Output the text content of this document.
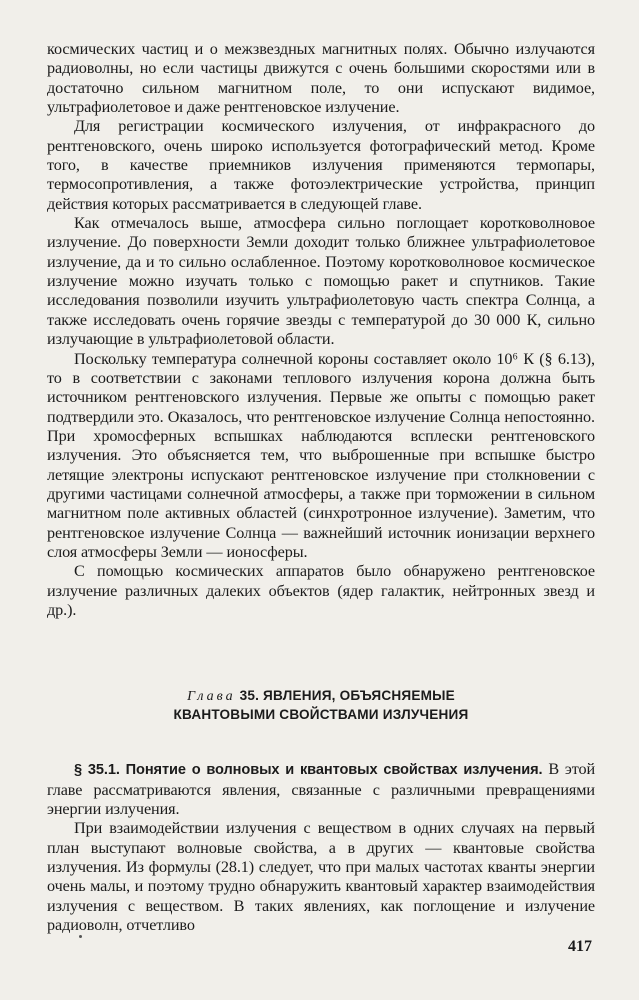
космических частиц и о межзвездных магнитных полях. Обычно излучаются радиоволны, но если частицы движутся с очень большими скоростями или в достаточно сильном магнитном поле, то они испускают видимое, ультрафиолетовое и даже рентгеновское излучение.

Для регистрации космического излучения, от инфракрасного до рентгеновского, очень широко используется фотографический метод. Кроме того, в качестве приемников излучения применяются термопары, термосопротивления, а также фотоэлектрические устройства, принцип действия которых рассматривается в следующей главе.

Как отмечалось выше, атмосфера сильно поглощает коротковолновое излучение. До поверхности Земли доходит только ближнее ультрафиолетовое излучение, да и то сильно ослабленное. Поэтому коротковолновое космическое излучение можно изучать только с помощью ракет и спутников. Такие исследования позволили изучить ультрафиолетовую часть спектра Солнца, а также исследовать очень горячие звезды с температурой до 30 000 К, сильно излучающие в ультрафиолетовой области.

Поскольку температура солнечной короны составляет около 10⁶ К (§ 6.13), то в соответствии с законами теплового излучения корона должна быть источником рентгеновского излучения. Первые же опыты с помощью ракет подтвердили это. Оказалось, что рентгеновское излучение Солнца непостоянно. При хромосферных вспышках наблюдаются всплески рентгеновского излучения. Это объясняется тем, что выброшенные при вспышке быстро летящие электроны испускают рентгеновское излучение при столкновении с другими частицами солнечной атмосферы, а также при торможении в сильном магнитном поле активных областей (синхротронное излучение). Заметим, что рентгеновское излучение Солнца — важнейший источник ионизации верхнего слоя атмосферы Земли — ионосферы.

С помощью космических аппаратов было обнаружено рентгеновское излучение различных далеких объектов (ядер галактик, нейтронных звезд и др.).

Глава 35. ЯВЛЕНИЯ, ОБЪЯСНЯЕМЫЕ
КВАНТОВЫМИ СВОЙСТВАМИ ИЗЛУЧЕНИЯ

§ 35.1. Понятие о волновых и квантовых свойствах излучения. В этой главе рассматриваются явления, связанные с различными превращениями энергии излучения.

При взаимодействии излучения с веществом в одних случаях на первый план выступают волновые свойства, а в других — квантовые свойства излучения. Из формулы (28.1) следует, что при малых частотах кванты энергии очень малы, и поэтому трудно обнаружить квантовый характер взаимодействия излучения с веществом. В таких явлениях, как поглощение и излучение радиоволн, отчетливо

417
